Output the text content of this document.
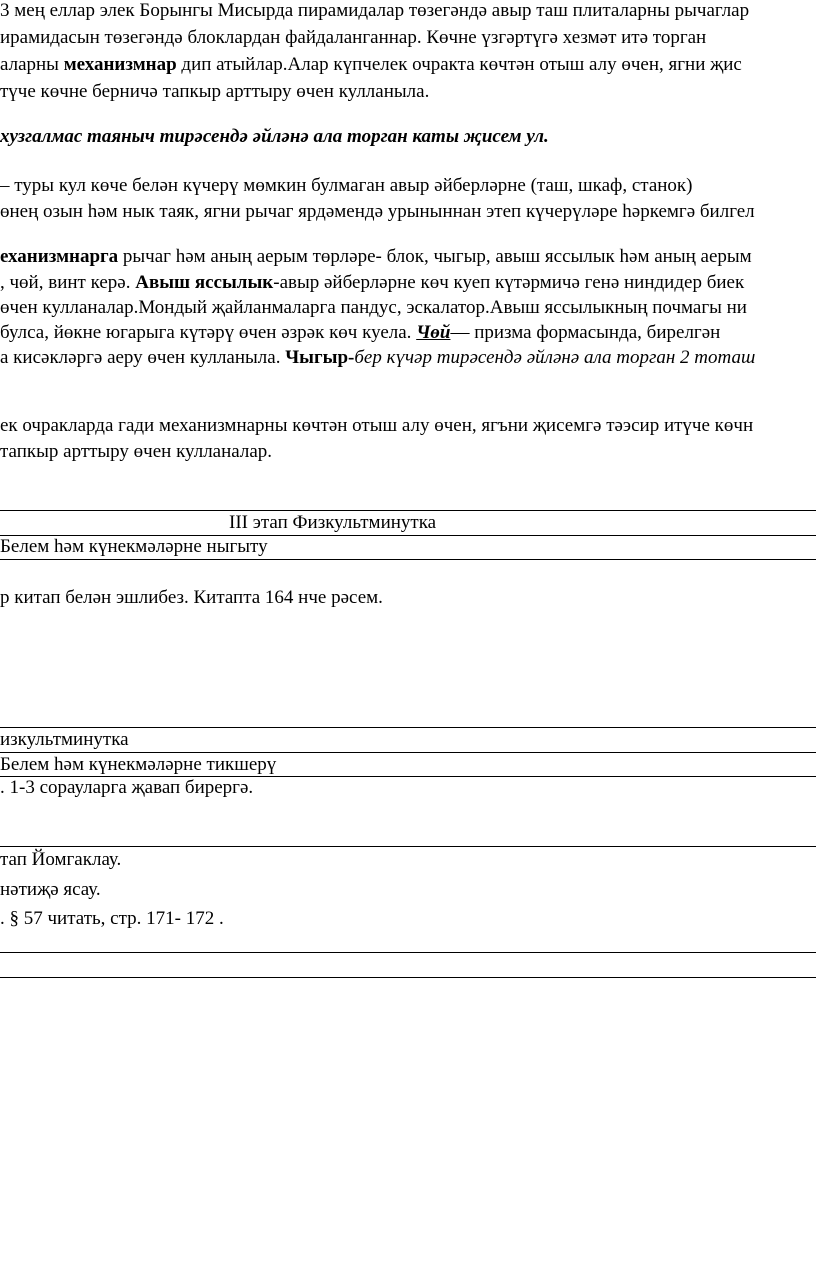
3 мең еллар элек Борынгы Мисырда пирамидалар төзегәндә авыр таш плиталарны рычаглар
ирамидасын төзегәндә блоклардан файдаланганнар. Көчне үзгәртүгә хезмәт итә торган
аларны механизмнар дип атыйлар.Алар күпчелек очракта көчтән отыш алу өчен, ягни җис
түче көчне берничә тапкыр арттыру өчен кулланыла.
хузгалмас таяныч тирәсендә әйләнә ала торган каты җисем ул.
– туры кул көче белән күчерү мөмкин булмаган авыр әйберләрне (таш, шкаф, станок)
өнең озын һәм нык таяк, ягни рычаг ярдәмендә урыныннан этеп күчерүләре һәркемгә билгел
еханизмнарга рычаг һәм аның аерым төрләре- блок, чыгыр, авыш яссылык һәм аның аерым
, чөй, винт керә. Авыш яссылык-авыр әйберләрне көч куеп күтәрмичә генә ниндидер биек
өчен кулланалар.Мондый җайланмаларга пандус, эскалатор.Авыш яссылыкның почмагы ни
булса, йөкне югарыга күтәрү өчен әзрәк көч куела. Чөй— призма формасында, бирелгән
а кисәкләргә аеру өчен кулланыла. Чыгыр-бер күчәр тирәсендә әйләнә ала торган 2 тоташ
ек очракларда гади механизмнарны көчтән отыш алу өчен, ягъни җисемгә тәэсир итүче көчн
тапкыр арттыру өчен кулланалар.
III этап Физкультминутка
Белем һәм күнекмәләрне ныгыту
р китап белән эшлибез. Китапта 164 нче рәсем.
изкультминутка
Белем һәм күнекмәләрне тикшерү
. 1-3 сорауларга җавап бирергә.
тап Йомгаклау.
нәтиҗә ясау.
. § 57 читать, стр. 171- 172 .
